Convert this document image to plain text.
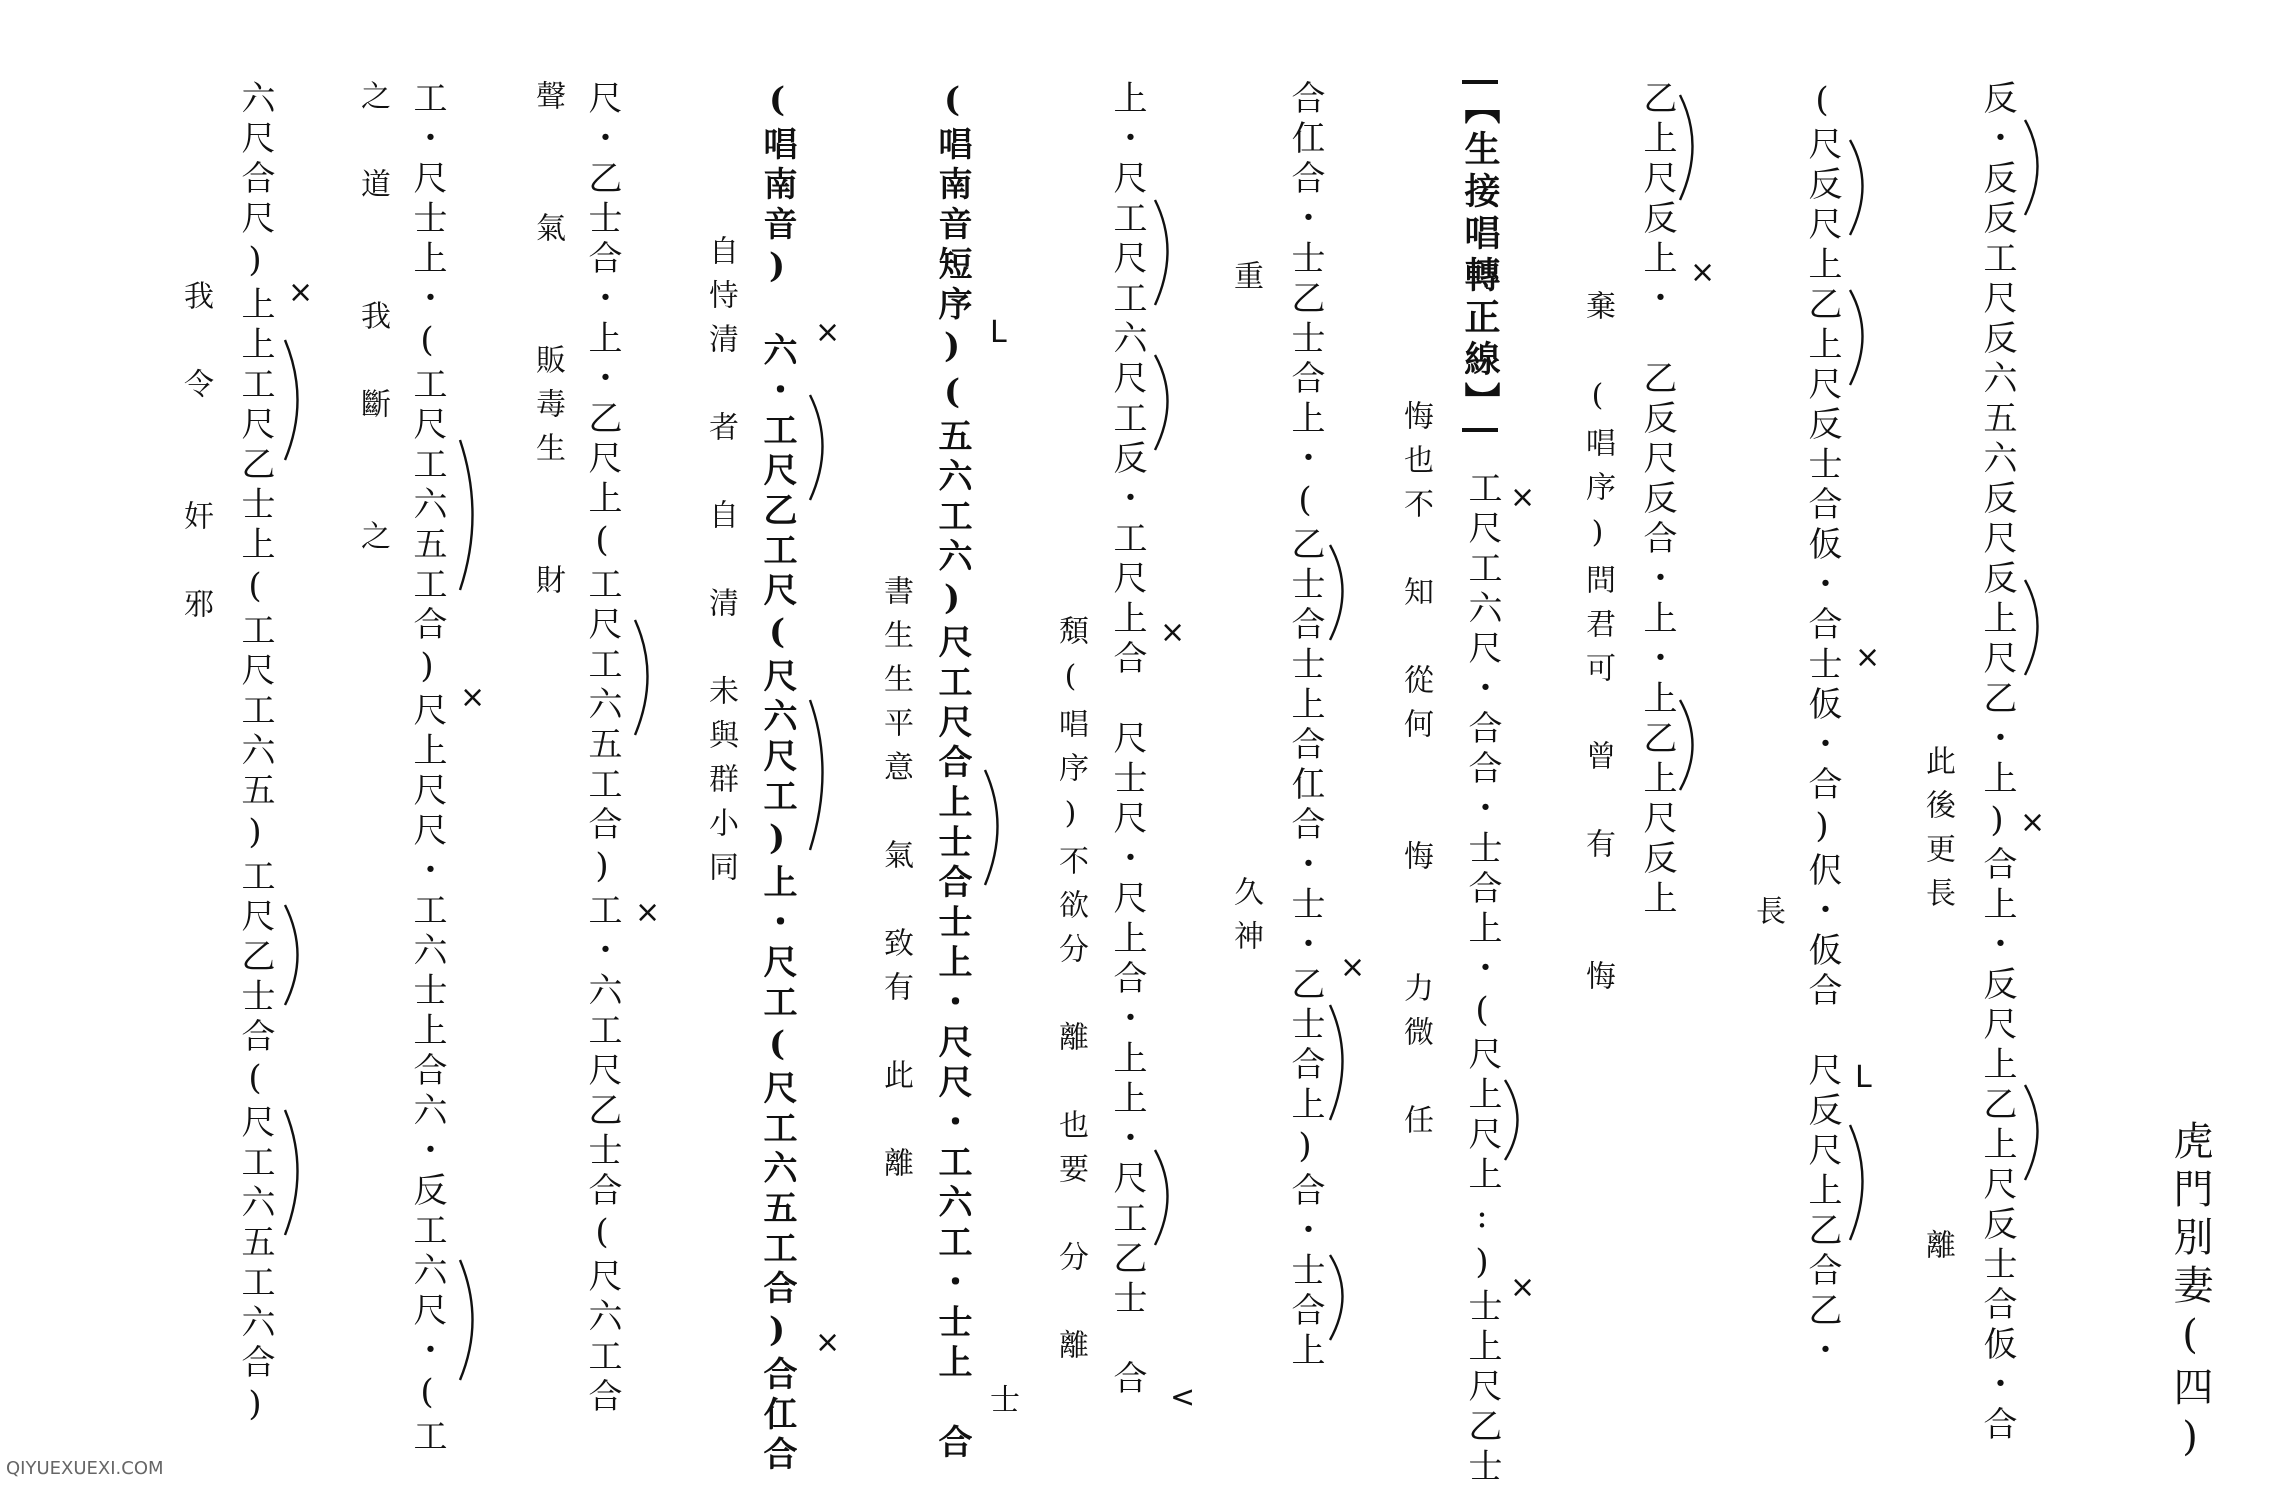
虎門別妻(四)
反・反反工尺反六五六反尺反上尺乙・上)合上・反尺上乙上尺反士合仮・合
此後更長　　　　　　　離
(尺反尺上乙上尺反士合仮・合士仮・合)伬・仮合　尺反尺上乙合乙・
長
乙上尺反上・　乙反尺反合・上・上乙上尺反上
棄　(唱序)問君可　曾　有　　悔
【生接唱轉正線】
工尺工六尺・合合・士合上・(尺上尺上:)士上尺乙士
悔也不　知　從何　　悔　　力微　任
合仜合・士乙士合上・(乙士合士上合仜合・士・乙士合上)合・士合上
重　　　　　　　　　　　　　久神
上・尺工尺工六尺工反・工尺上合　尺士尺・尺上合・上上・尺工乙士　合
頽(唱序)不欲分　離　也要　分　離
(唱南音短序)(五六工六)尺工尺合上士合士上・尺尺・工六工・士上　合
書生生平意　氣　致有　此　離
(唱南音)　六・工尺乙工尺(尺六尺工)上・尺工(尺工六五工合)合仜合
自恃清　者　自　清　未與群小同
尺・乙士合・上・乙尺上(工尺工六五工合)工・六工尺乙士合(尺六工合
聲　　氣　　販毒生　　財
工・尺士上・(工尺工六五工合)尺上尺尺・工六士上合六・反工六尺・(工
之　道　　我　斷　　之
六尺合尺)上上工尺乙士上(工尺工六五)工尺乙士合(尺工六五工六合)
我　令　　奸　邪
×
×
L
×
×
×
×
×
<
L
士
×
×
×
×
×
QIYUEXUEXI.COM
